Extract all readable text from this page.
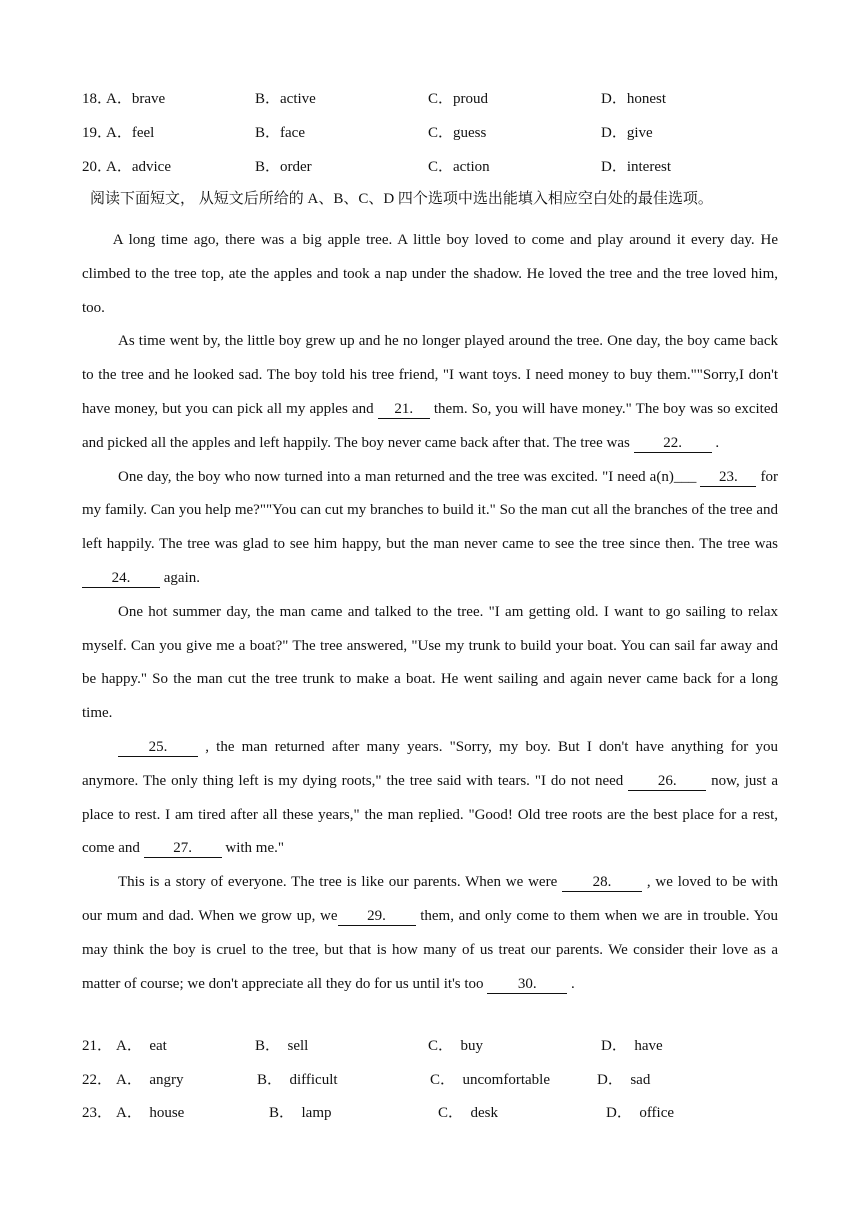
18．
A．brave	B．active	C．proud	D．honest
19．
A．feel	B．face	C．guess	D．give
20．
A．advice	B．order	C．action	D．interest
阅读下面短文， 从短文后所给的 A、B、C、D 四个选项中选出能填入相应空白处的最佳选项。

A long time ago, there was a big apple tree. A little boy loved to come and play around it every day. He climbed to the tree top, ate the apples and took a nap under the shadow. He loved the tree and the tree loved him, too.

As time went by, the little boy grew up and he no longer played around the tree. One day, the boy came back to the tree and he looked sad. The boy told his tree friend, "I want toys. I need money to buy them.""Sorry,I don't have money, but you can pick all my apples and 21. them. So, you will have money." The boy was so excited and picked all the apples and left happily. The boy never came back after that. The tree was 22. .

One day, the boy who now turned into a man returned and the tree was excited. "I need a(n)___ 23. for my family. Can you help me?""You can cut my branches to build it." So the man cut all the branches of the tree and left happily. The tree was glad to see him happy, but the man never came to see the tree since then. The tree was24. again.

One hot summer day, the man came and talked to the tree. "I am getting old. I want to go sailing to relax myself. Can you give me a boat?" The tree answered, "Use my trunk to build your boat. You can sail far away and be happy." So the man cut the tree trunk to make a boat. He went sailing and again never came back for a long time.

25. , the man returned after many years. "Sorry, my boy. But I don't have anything for you anymore. The only thing left is my dying roots," the tree said with tears. "I do not need 26. now, just a place to rest. I am tired after all these years," the man replied. "Good! Old tree roots are the best place for a rest, come and 27. with me."

This is a story of everyone. The tree is like our parents. When we were 28. , we loved to be with our mum and dad. When we grow up, we 29. them, and only come to them when we are in trouble. You may think the boy is cruel to the tree, but that is how many of us treat our parents. We consider their love as a matter of course; we don't appreciate all they do for us until it's too 30. .

21． A．  eat	B．  sell	C．  buy	D．  have
22． A．  angry	B．  difficult	C．  uncomfortable	D．  sad
23． A．  house	B．  lamp	C．  desk	D．  office
